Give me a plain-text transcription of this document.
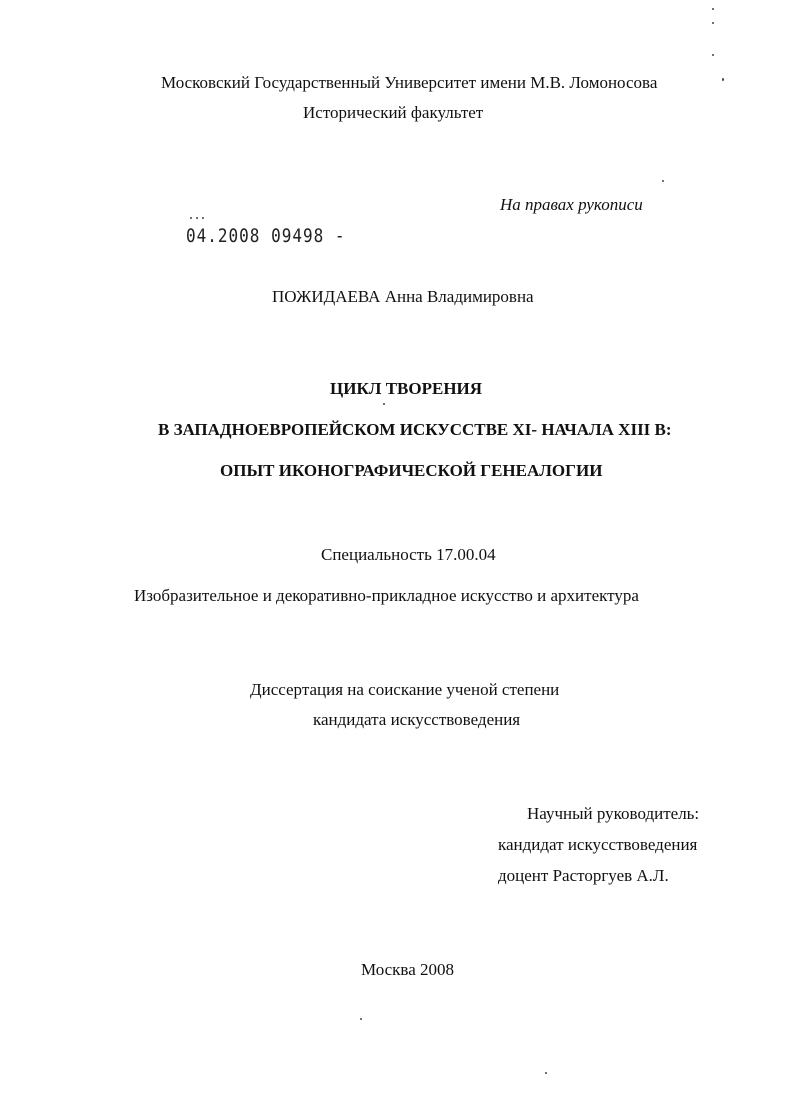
Московский Государственный Университет имени М.В. Ломоносова
Исторический факультет
На правах рукописи
04.2008 09498 -
ПОЖИДАЕВА Анна Владимировна
ЦИКЛ ТВОРЕНИЯ
В ЗАПАДНОЕВРОПЕЙСКОМ ИСКУССТВЕ XI- НАЧАЛА XIII В:
ОПЫТ ИКОНОГРАФИЧЕСКОЙ ГЕНЕАЛОГИИ
Специальность 17.00.04
Изобразительное и декоративно-прикладное искусство и архитектура
Диссертация на соискание ученой степени
кандидата искусствоведения
Научный руководитель:
кандидат искусствоведения
доцент Расторгуев А.Л.
Москва 2008
